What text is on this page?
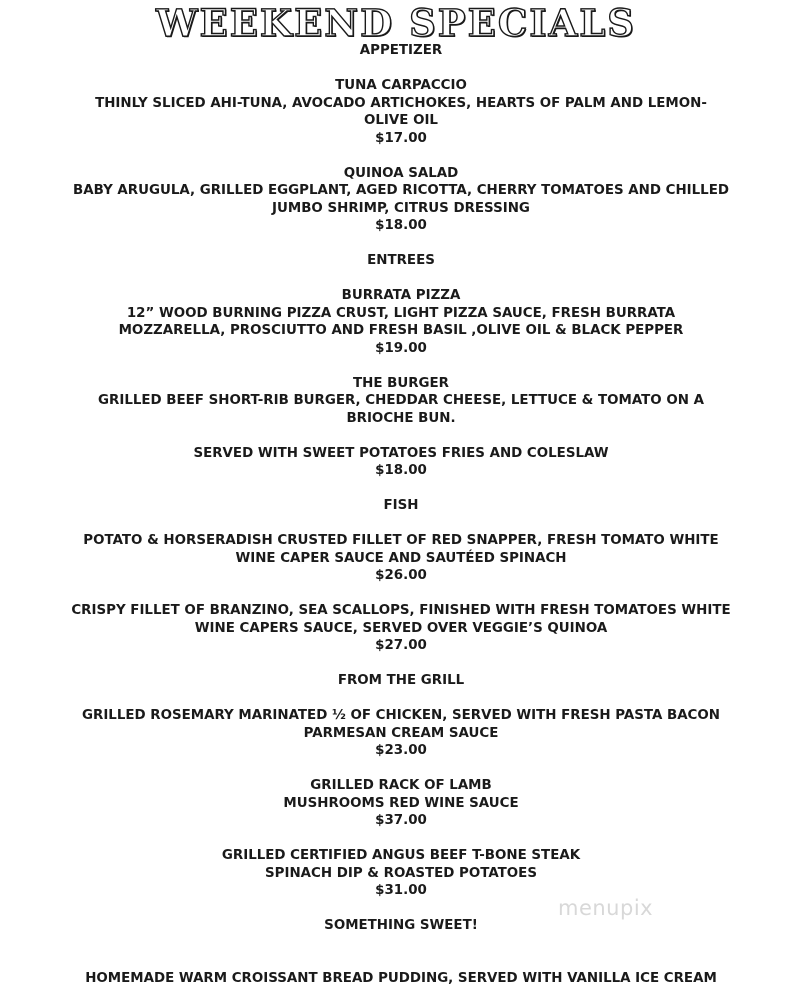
WEEKEND SPECIALS
APPETIZER
TUNA CARPACCIO
THINLY SLICED AHI-TUNA, AVOCADO ARTICHOKES, HEARTS OF PALM AND LEMON-
OLIVE OIL
$17.00
QUINOA SALAD
BABY ARUGULA, GRILLED EGGPLANT, AGED RICOTTA, CHERRY TOMATOES AND CHILLED
JUMBO SHRIMP, CITRUS DRESSING
$18.00
ENTREES
BURRATA PIZZA
12” WOOD BURNING PIZZA CRUST, LIGHT PIZZA SAUCE, FRESH BURRATA
MOZZARELLA, PROSCIUTTO AND FRESH BASIL ,OLIVE OIL & BLACK PEPPER
$19.00
THE BURGER
GRILLED BEEF SHORT-RIB BURGER, CHEDDAR CHEESE, LETTUCE & TOMATO ON A
BRIOCHE BUN.
SERVED WITH SWEET POTATOES FRIES AND COLESLAW
$18.00
FISH
POTATO & HORSERADISH CRUSTED FILLET OF RED SNAPPER, FRESH TOMATO WHITE
WINE CAPER SAUCE AND SAUTÉED SPINACH
$26.00
CRISPY FILLET OF BRANZINO, SEA SCALLOPS, FINISHED WITH FRESH TOMATOES WHITE
WINE CAPERS SAUCE, SERVED OVER VEGGIE’S QUINOA
$27.00
FROM THE GRILL
GRILLED ROSEMARY MARINATED ½ OF CHICKEN, SERVED WITH FRESH PASTA BACON
PARMESAN CREAM SAUCE
$23.00
GRILLED RACK OF LAMB
MUSHROOMS RED WINE SAUCE
$37.00
GRILLED CERTIFIED ANGUS BEEF T-BONE STEAK
SPINACH DIP & ROASTED POTATOES
$31.00
SOMETHING SWEET!
HOMEMADE WARM CROISSANT BREAD PUDDING, SERVED WITH VANILLA ICE CREAM
menupix
